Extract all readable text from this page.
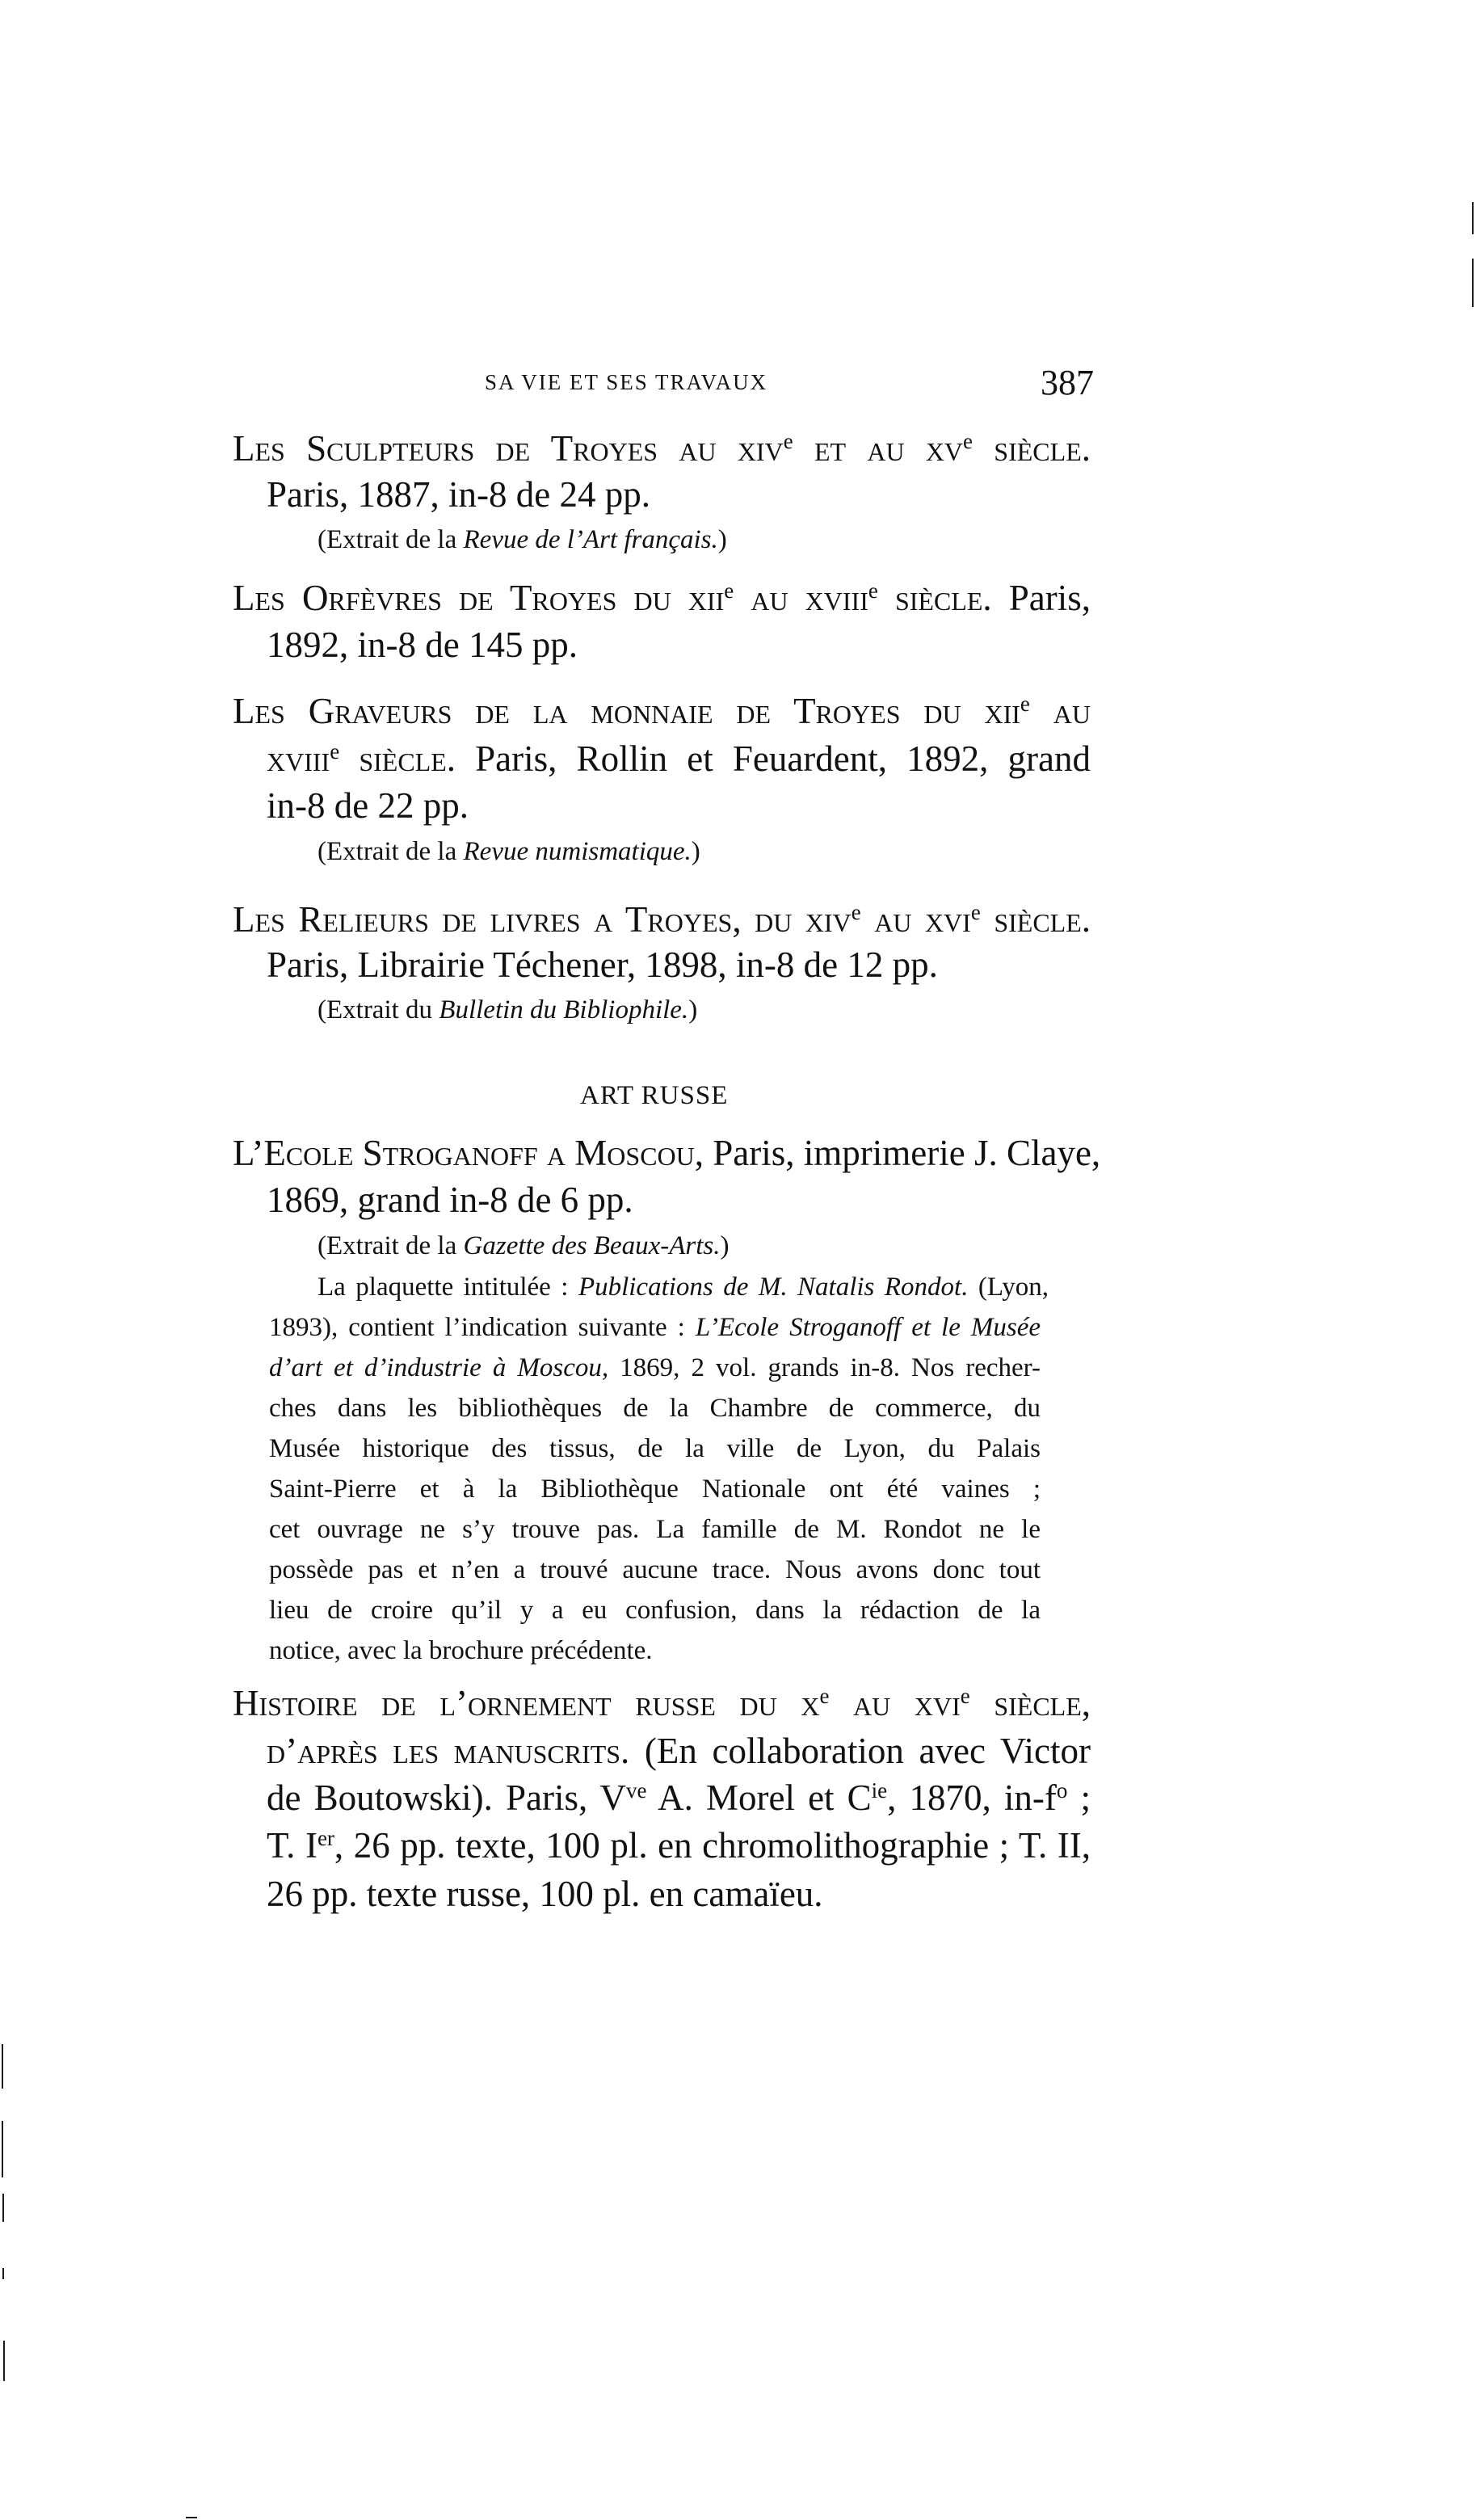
SA VIE ET SES TRAVAUX	387
Les Sculpteurs de Troyes au xiv$^e$ et au $xv^e$ siècle.
Paris, 1887, in-8 de 24 pp.
(Extrait de la Revue de l’Art français.)
Les Orfèvres de Troyes du xii$^e$ au xviii$^e$ siècle. Paris,
1892, in-8 de 145 pp.
Les Graveurs de la monnaie de Troyes du xii$^e$ au
xviii$^e$ siècle. Paris, Rollin et Feuardent, 1892, grand
in-8 de 22 pp.
(Extrait de la Revue numismatique.)
Les Relieurs de livres a Troyes, du xiv$^e$ au xvi$^e$ siècle.
Paris, Librairie Téchener, 1898, in-8 de 12 pp.
(Extrait du Bulletin du Bibliophile.)
ART RUSSE
L’Ecole Stroganoff a Moscou, Paris, imprimerie J. Claye,
1869, grand in-8 de 6 pp.
(Extrait de la Gazette des Beaux-Arts.)
La plaquette intitulée : Publications de M. Natalis Rondot. (Lyon,
1893), contient l’indication suivante : L’Ecole Stroganoff et le Musée
d’art et d’industrie à Moscou, 1869, 2 vol. grands in-8. Nos recher-
ches dans les bibliothèques de la Chambre de commerce, du
Musée historique des tissus, de la ville de Lyon, du Palais
Saint-Pierre et à la Bibliothèque Nationale ont été vaines ;
cet ouvrage ne s’y trouve pas. La famille de M. Rondot ne le
possède pas et n’en a trouvé aucune trace. Nous avons donc tout
lieu de croire qu’il y a eu confusion, dans la rédaction de la
notice, avec la brochure précédente.
Histoire de l’ornement russe du $x^e$ au xvi$^e$ siècle,
d’après les manuscrits. (En collaboration avec Victor
de Boutowski). Paris, $V^{ve}$ A. Morel et $C^{ie}$, 1870, $in-f^o$ ;
T. Ier, 26 pp. texte, 100 pl. en chromolithographie ; T. II,
26 pp. texte russe, 100 pl. en camaïeu.
